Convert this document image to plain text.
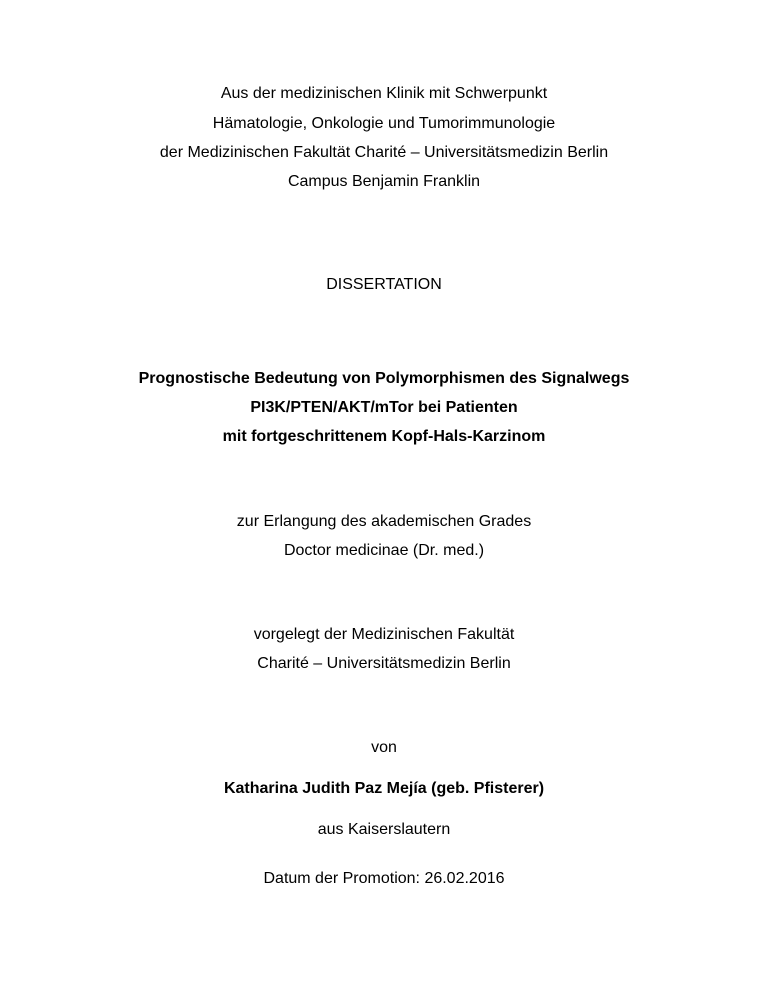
Aus der medizinischen Klinik mit Schwerpunkt
Hämatologie, Onkologie und Tumorimmunologie
der Medizinischen Fakultät Charité – Universitätsmedizin Berlin
Campus Benjamin Franklin
DISSERTATION
Prognostische Bedeutung von Polymorphismen des Signalwegs
PI3K/PTEN/AKT/mTor bei Patienten
mit fortgeschrittenem Kopf-Hals-Karzinom
zur Erlangung des akademischen Grades
Doctor medicinae (Dr. med.)
vorgelegt der Medizinischen Fakultät
Charité – Universitätsmedizin Berlin
von
Katharina Judith Paz Mejía (geb. Pfisterer)
aus Kaiserslautern
Datum der Promotion: 26.02.2016
